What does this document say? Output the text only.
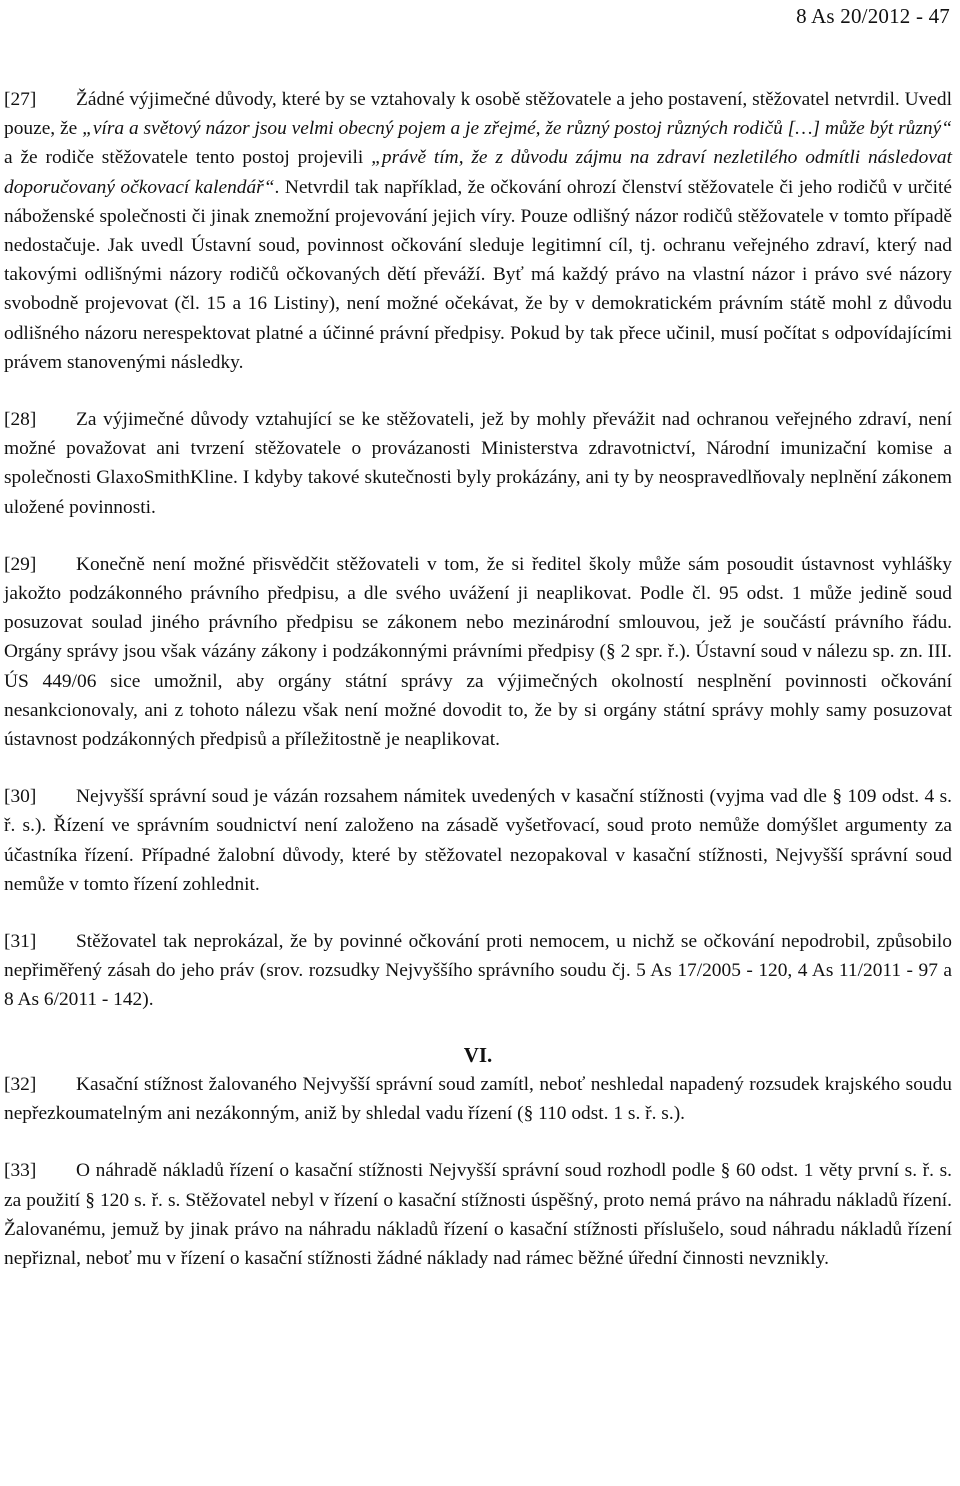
8 As 20/2012 - 47

[27] Žádné výjimečné důvody, které by se vztahovaly k osobě stěžovatele a jeho postavení, stěžovatel netvrdil. Uvedl pouze, že „víra a světový názor jsou velmi obecný pojem a je zřejmé, že různý postoj různých rodičů […] může být různý“ a že rodiče stěžovatele tento postoj projevili „právě tím, že z důvodu zájmu na zdraví nezletilého odmítli následovat doporučovaný očkovací kalendář“. Netvrdil tak například, že očkování ohrozí členství stěžovatele či jeho rodičů v určité náboženské společnosti či jinak znemožní projevování jejich víry. Pouze odlišný názor rodičů stěžovatele v tomto případě nedostačuje. Jak uvedl Ústavní soud, povinnost očkování sleduje legitimní cíl, tj. ochranu veřejného zdraví, který nad takovými odlišnými názory rodičů očkovaných dětí převáží. Byť má každý právo na vlastní názor i právo své názory svobodně projevovat (čl. 15 a 16 Listiny), není možné očekávat, že by v demokratickém právním státě mohl z důvodu odlišného názoru nerespektovat platné a účinné právní předpisy. Pokud by tak přece učinil, musí počítat s odpovídajícími právem stanovenými následky.

[28] Za výjimečné důvody vztahující se ke stěžovateli, jež by mohly převážit nad ochranou veřejného zdraví, není možné považovat ani tvrzení stěžovatele o provázanosti Ministerstva zdravotnictví, Národní imunizační komise a společnosti GlaxoSmithKline. I kdyby takové skutečnosti byly prokázány, ani ty by neospravedlňovaly neplnění zákonem uložené povinnosti.

[29] Konečně není možné přisvědčit stěžovateli v tom, že si ředitel školy může sám posoudit ústavnost vyhlášky jakožto podzákonného právního předpisu, a dle svého uvážení ji neaplikovat. Podle čl. 95 odst. 1 může jedině soud posuzovat soulad jiného právního předpisu se zákonem nebo mezinárodní smlouvou, jež je součástí právního řádu. Orgány správy jsou však vázány zákony i podzákonnými právními předpisy (§ 2 spr. ř.). Ústavní soud v nálezu sp. zn. III. ÚS 449/06 sice umožnil, aby orgány státní správy za výjimečných okolností nesplnění povinnosti očkování nesankcionovaly, ani z tohoto nálezu však není možné dovodit to, že by si orgány státní správy mohly samy posuzovat ústavnost podzákonných předpisů a příležitostně je neaplikovat.

[30] Nejvyšší správní soud je vázán rozsahem námitek uvedených v kasační stížnosti (vyjma vad dle § 109 odst. 4 s. ř. s.). Řízení ve správním soudnictví není založeno na zásadě vyšetřovací, soud proto nemůže domýšlet argumenty za účastníka řízení. Případné žalobní důvody, které by stěžovatel nezopakoval v kasační stížnosti, Nejvyšší správní soud nemůže v tomto řízení zohlednit.

[31] Stěžovatel tak neprokázal, že by povinné očkování proti nemocem, u nichž se očkování nepodrobil, způsobilo nepřiměřený zásah do jeho práv (srov. rozsudky Nejvyššího správního soudu čj. 5 As 17/2005 - 120, 4 As 11/2011 - 97 a 8 As 6/2011 - 142).

VI.

[32] Kasační stížnost žalovaného Nejvyšší správní soud zamítl, neboť neshledal napadený rozsudek krajského soudu nepřezkoumatelným ani nezákonným, aniž by shledal vadu řízení (§ 110 odst. 1 s. ř. s.).

[33] O náhradě nákladů řízení o kasační stížnosti Nejvyšší správní soud rozhodl podle § 60 odst. 1 věty první s. ř. s. za použití § 120 s. ř. s. Stěžovatel nebyl v řízení o kasační stížnosti úspěšný, proto nemá právo na náhradu nákladů řízení. Žalovanému, jemuž by jinak právo na náhradu nákladů řízení o kasační stížnosti příslušelo, soud náhradu nákladů řízení nepřiznal, neboť mu v řízení o kasační stížnosti žádné náklady nad rámec běžné úřední činnosti nevznikly.
